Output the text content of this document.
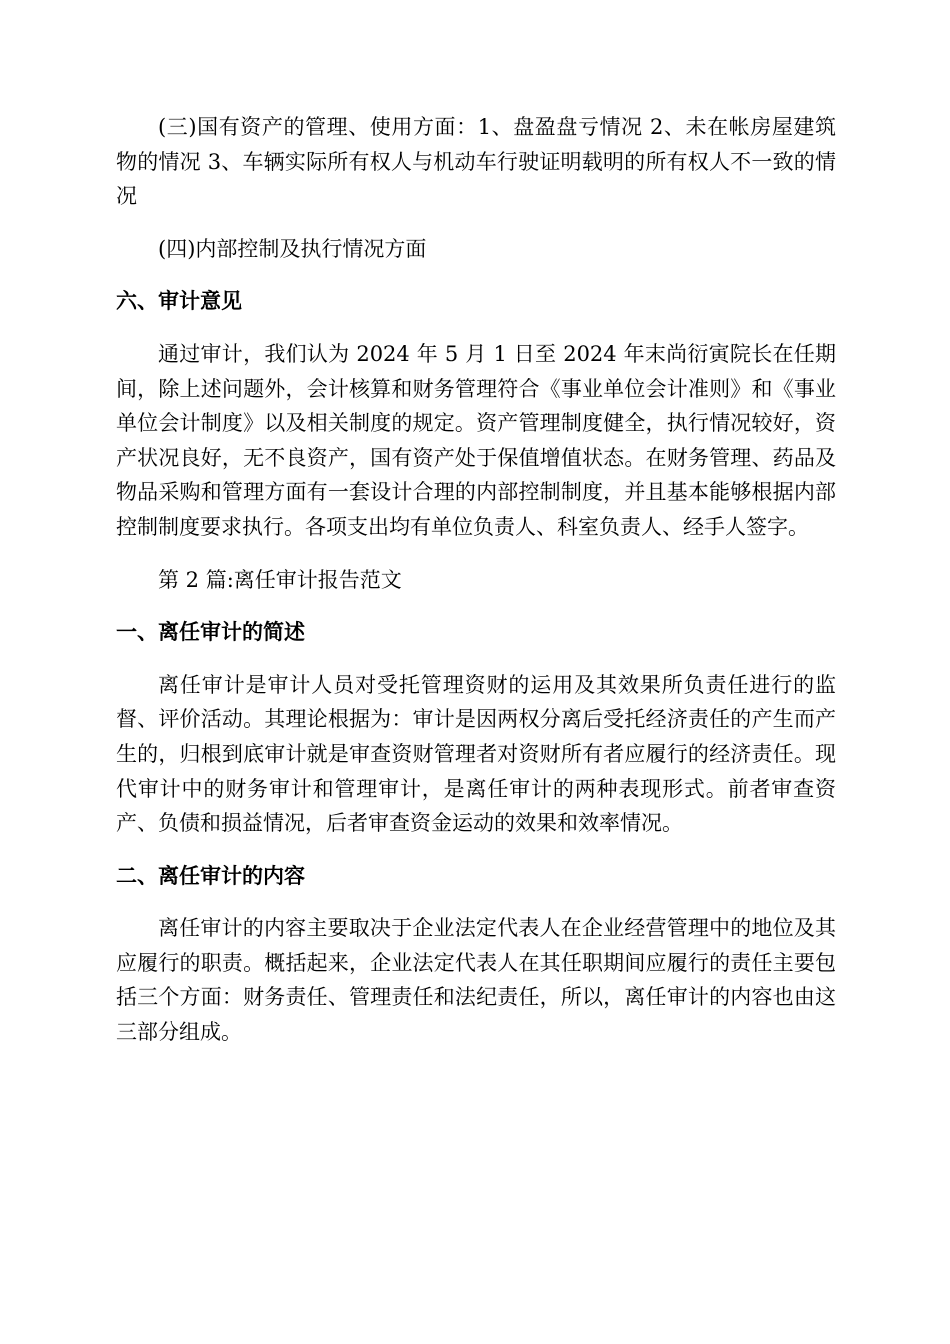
(三)国有资产的管理、使用方面：1、盘盈盘亏情况 2、未在帐房屋建筑物的情况 3、车辆实际所有权人与机动车行驶证明载明的所有权人不一致的情况

(四)内部控制及执行情况方面

六、审计意见

通过审计，我们认为 2024 年 5 月 1 日至 2024 年末尚衍寅院长在任期间，除上述问题外，会计核算和财务管理符合《事业单位会计准则》和《事业单位会计制度》以及相关制度的规定。资产管理制度健全，执行情况较好，资产状况良好，无不良资产，国有资产处于保值增值状态。在财务管理、药品及物品采购和管理方面有一套设计合理的内部控制制度，并且基本能够根据内部控制制度要求执行。各项支出均有单位负责人、科室负责人、经手人签字。

第 2 篇:离任审计报告范文

一、离任审计的简述

离任审计是审计人员对受托管理资财的运用及其效果所负责任进行的监督、评价活动。其理论根据为：审计是因两权分离后受托经济责任的产生而产生的，归根到底审计就是审查资财管理者对资财所有者应履行的经济责任。现代审计中的财务审计和管理审计，是离任审计的两种表现形式。前者审查资产、负债和损益情况，后者审查资金运动的效果和效率情况。

二、离任审计的内容

离任审计的内容主要取决于企业法定代表人在企业经营管理中的地位及其应履行的职责。概括起来，企业法定代表人在其任职期间应履行的责任主要包括三个方面：财务责任、管理责任和法纪责任，所以，离任审计的内容也由这三部分组成。
